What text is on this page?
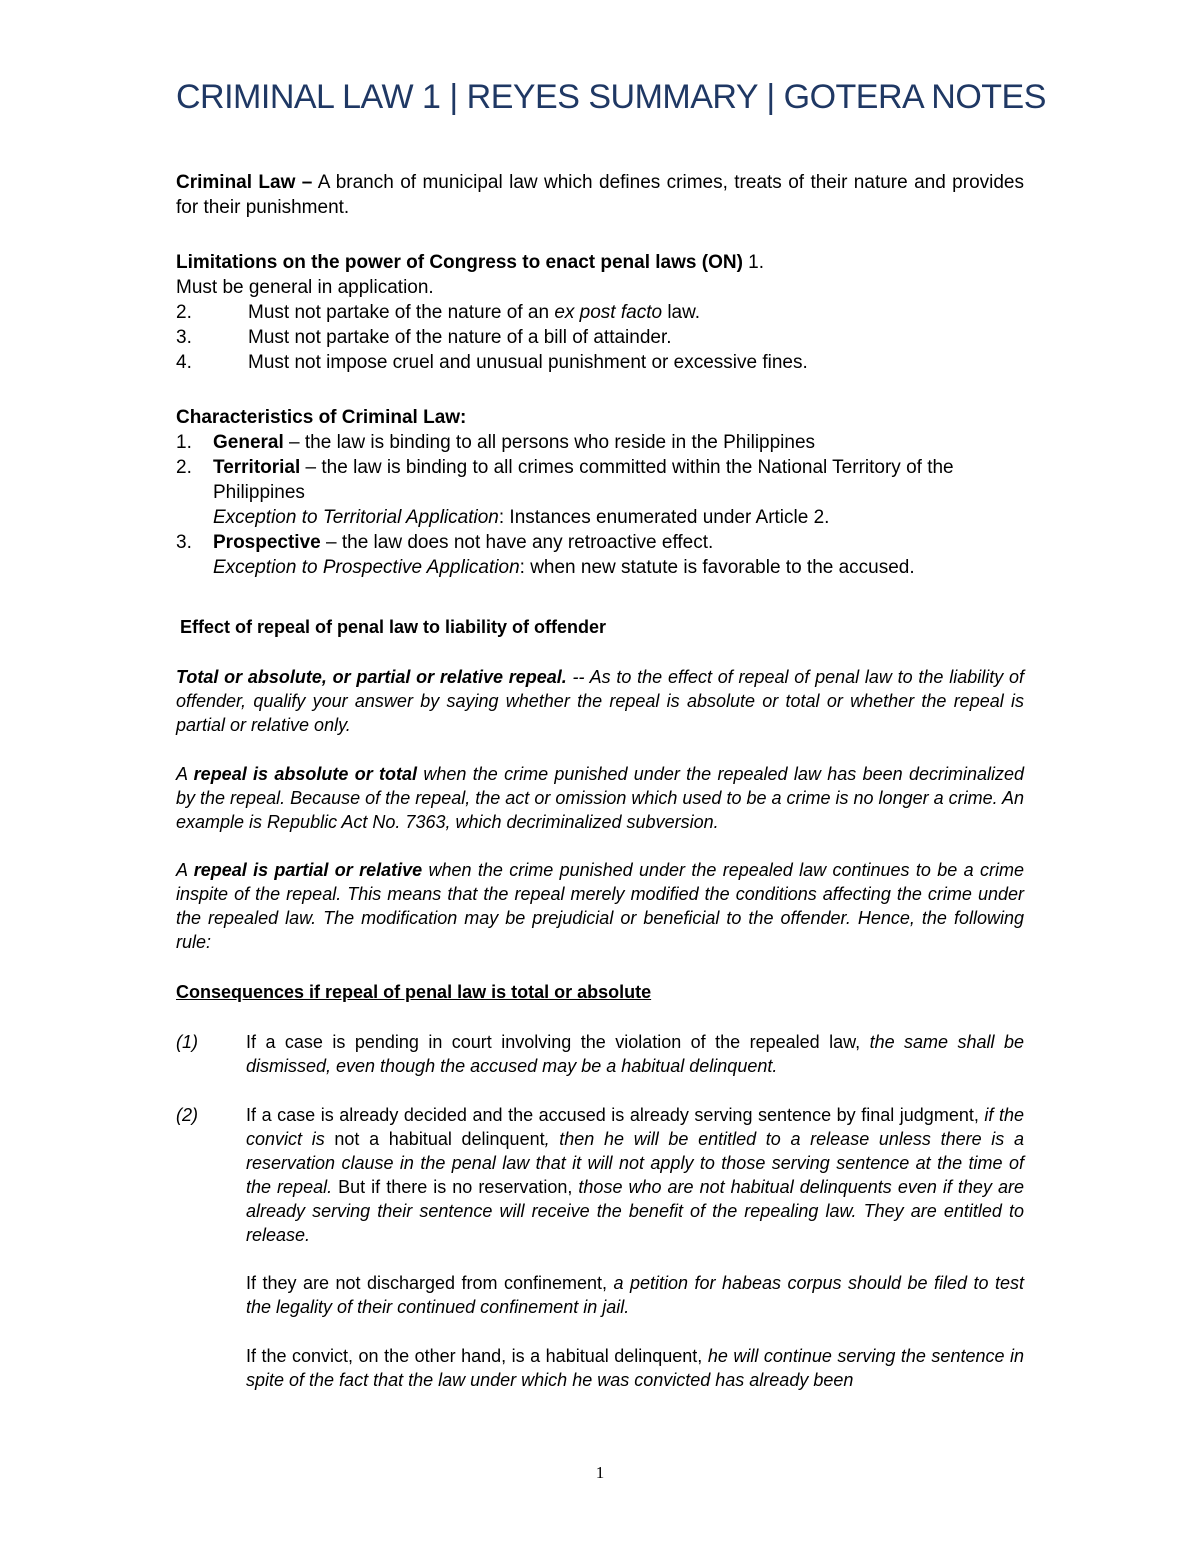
CRIMINAL LAW 1 | REYES SUMMARY | GOTERA NOTES
Criminal Law – A branch of municipal law which defines crimes, treats of their nature and provides for their punishment.
Limitations on the power of Congress to enact penal laws (ON) 1.
Must be general in application.
2.	Must not partake of the nature of an ex post facto law.
3.	Must not partake of the nature of a bill of attainder.
4.	Must not impose cruel and unusual punishment or excessive fines.
Characteristics of Criminal Law:
1.	General – the law is binding to all persons who reside in the Philippines
2.	Territorial – the law is binding to all crimes committed within the National Territory of the Philippines
Exception to Territorial Application: Instances enumerated under Article 2.
3.	Prospective – the law does not have any retroactive effect.
Exception to Prospective Application: when new statute is favorable to the accused.
Effect of repeal of penal law to liability of offender
Total or absolute, or partial or relative repeal. -- As to the effect of repeal of penal law to the liability of offender, qualify your answer by saying whether the repeal is absolute or total or whether the repeal is partial or relative only.
A repeal is absolute or total when the crime punished under the repealed law has been decriminalized by the repeal. Because of the repeal, the act or omission which used to be a crime is no longer a crime. An example is Republic Act No. 7363, which decriminalized subversion.
A repeal is partial or relative when the crime punished under the repealed law continues to be a crime inspite of the repeal. This means that the repeal merely modified the conditions affecting the crime under the repealed law. The modification may be prejudicial or beneficial to the offender. Hence, the following rule:
Consequences if repeal of penal law is total or absolute
(1)	If a case is pending in court involving the violation of the repealed law, the same shall be dismissed, even though the accused may be a habitual delinquent.
(2)	If a case is already decided and the accused is already serving sentence by final judgment, if the convict is not a habitual delinquent, then he will be entitled to a release unless there is a reservation clause in the penal law that it will not apply to those serving sentence at the time of the repeal. But if there is no reservation, those who are not habitual delinquents even if they are already serving their sentence will receive the benefit of the repealing law. They are entitled to release.
If they are not discharged from confinement, a petition for habeas corpus should be filed to test the legality of their continued confinement in jail.
If the convict, on the other hand, is a habitual delinquent, he will continue serving the sentence in spite of the fact that the law under which he was convicted has already been
1
